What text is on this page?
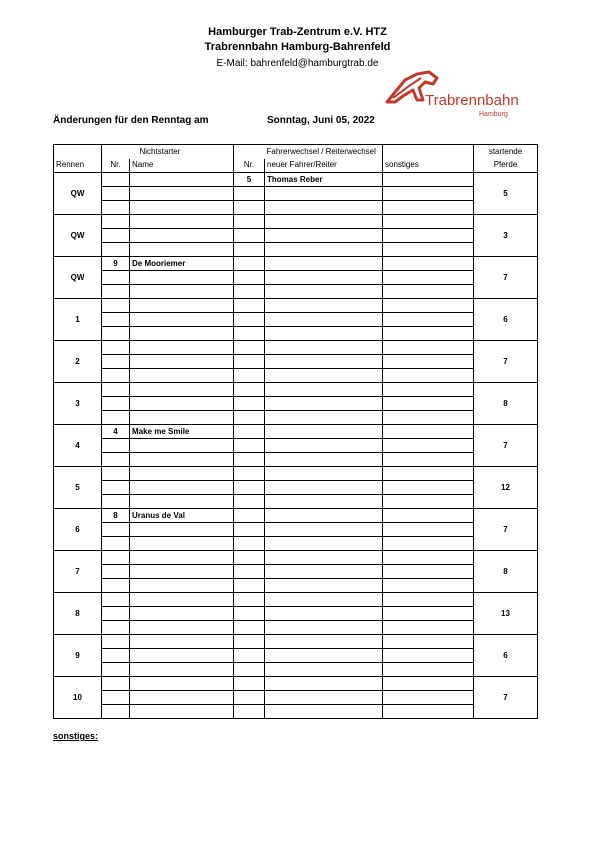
Hamburger Trab-Zentrum e.V. HTZ
Trabrennbahn Hamburg-Bahrenfeld
E-Mail: bahrenfeld@hamburgtrab.de
Trabrennbahn
Hamburg
Änderungen für den Renntag am	Sonntag, Juni 05, 2022
		Nichtstarter		Fahrerwechsel / Reiterwechsel		startende
Rennen	Nr.	Name	Nr.	neuer Fahrer/Reiter	sonstiges	Pferde
QW			5	Thomas Reber		5

QW						3

QW	9	De Mooriemer				7

1						6

2						7

3						8

4	4	Make me Smile				7

5						12

6	8	Uranus de Val				7

7						8

8						13

9						6

10						7

sonstiges:
